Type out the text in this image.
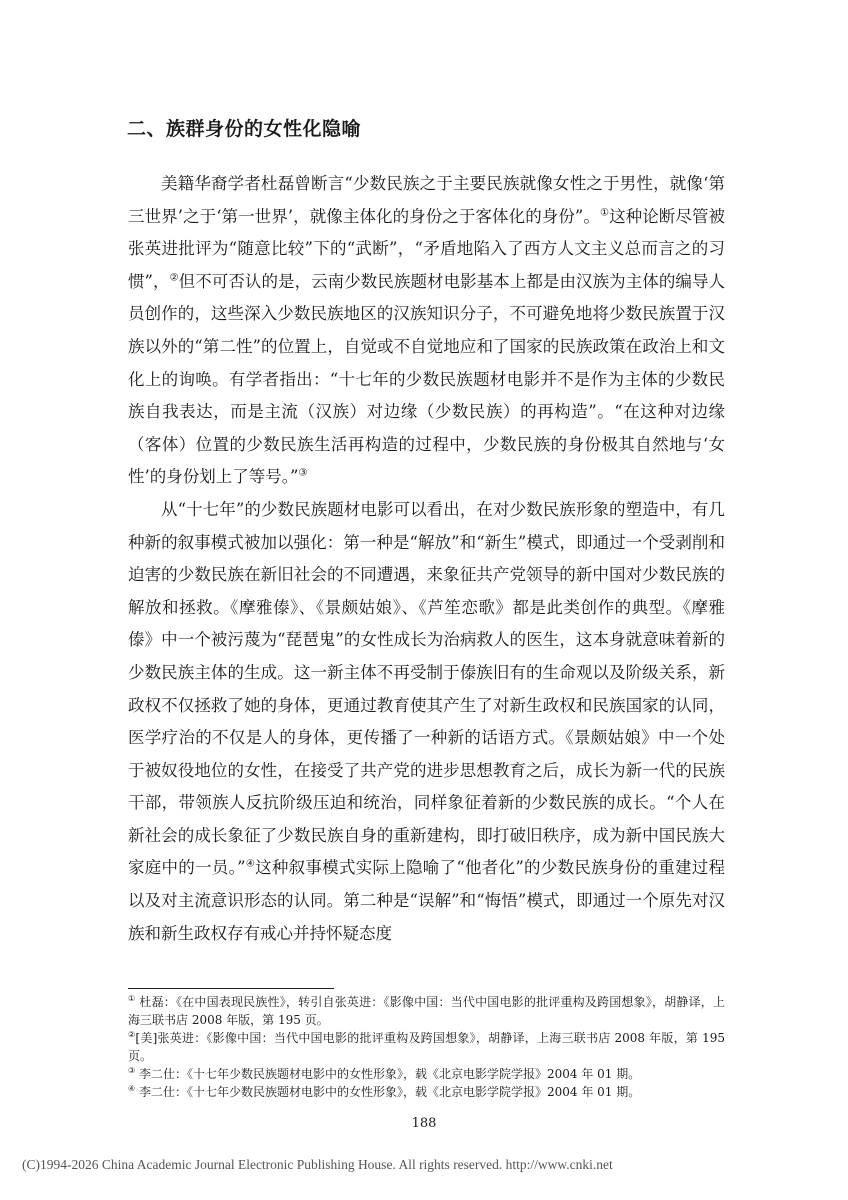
二、族群身份的女性化隐喻

美籍华裔学者杜磊曾断言“少数民族之于主要民族就像女性之于男性，就像‘第三世界’之于‘第一世界’，就像主体化的身份之于客体化的身份”。①这种论断尽管被张英进批评为“随意比较”下的“武断”，“矛盾地陷入了西方人文主义总而言之的习惯”，②但不可否认的是，云南少数民族题材电影基本上都是由汉族为主体的编导人员创作的，这些深入少数民族地区的汉族知识分子，不可避免地将少数民族置于汉族以外的“第二性”的位置上，自觉或不自觉地应和了国家的民族政策在政治上和文化上的询唤。有学者指出：“十七年的少数民族题材电影并不是作为主体的少数民族自我表达，而是主流（汉族）对边缘（少数民族）的再构造”。“在这种对边缘（客体）位置的少数民族生活再构造的过程中，少数民族的身份极其自然地与‘女性’的身份划上了等号。”③

从“十七年”的少数民族题材电影可以看出，在对少数民族形象的塑造中，有几种新的叙事模式被加以强化：第一种是“解放”和“新生”模式，即通过一个受剥削和迫害的少数民族在新旧社会的不同遭遇，来象征共产党领导的新中国对少数民族的解放和拯救。《摩雅傣》、《景颇姑娘》、《芦笙恋歌》都是此类创作的典型。《摩雅傣》中一个被污蔑为“琵琶鬼”的女性成长为治病救人的医生，这本身就意味着新的少数民族主体的生成。这一新主体不再受制于傣族旧有的生命观以及阶级关系，新政权不仅拯救了她的身体，更通过教育使其产生了对新生政权和民族国家的认同，医学疗治的不仅是人的身体，更传播了一种新的话语方式。《景颇姑娘》中一个处于被奴役地位的女性，在接受了共产党的进步思想教育之后，成长为新一代的民族干部，带领族人反抗阶级压迫和统治，同样象征着新的少数民族的成长。“个人在新社会的成长象征了少数民族自身的重新建构，即打破旧秩序，成为新中国民族大家庭中的一员。”④这种叙事模式实际上隐喻了“他者化”的少数民族身份的重建过程以及对主流意识形态的认同。第二种是“误解”和“悔悟”模式，即通过一个原先对汉族和新生政权存有戒心并持怀疑态度

① 杜磊：《在中国表现民族性》，转引自张英进：《影像中国：当代中国电影的批评重构及跨国想象》，胡静译，上海三联书店 2008 年版，第 195 页。

②[美]张英进：《影像中国：当代中国电影的批评重构及跨国想象》，胡静译，上海三联书店 2008 年版，第 195 页。

③ 李二仕：《十七年少数民族题材电影中的女性形象》，载《北京电影学院学报》2004 年 01 期。

④ 李二仕：《十七年少数民族题材电影中的女性形象》，载《北京电影学院学报》2004 年 01 期。

188
(C)1994-2026 China Academic Journal Electronic Publishing House. All rights reserved. http://www.cnki.net
